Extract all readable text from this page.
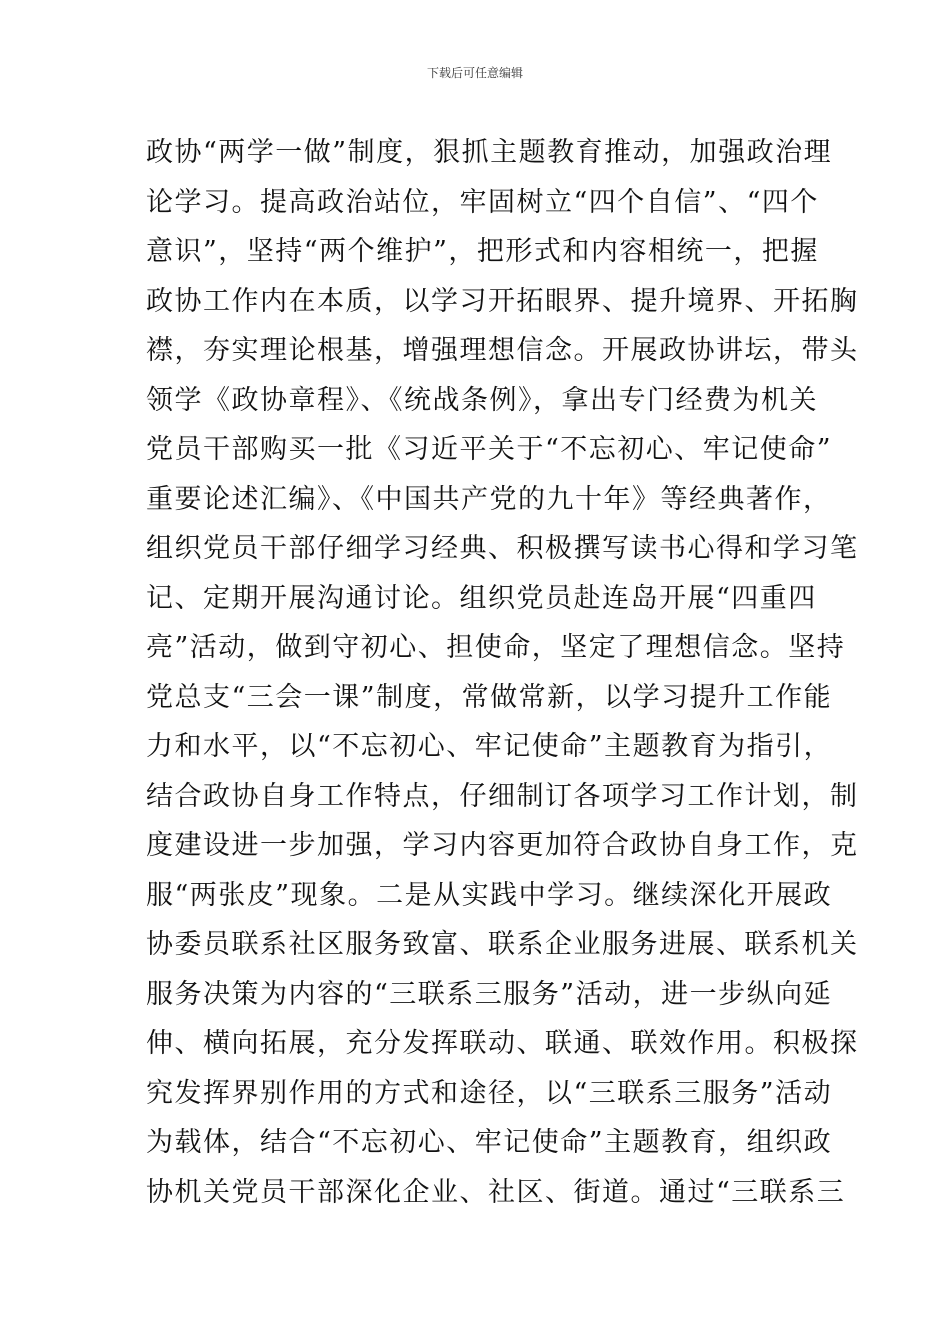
下载后可任意编辑
政协“两学一做”制度，狠抓主题教育推动，加强政治理
论学习。提高政治站位，牢固树立“四个自信”、“四个
意识”，坚持“两个维护”，把形式和内容相统一，把握
政协工作内在本质，以学习开拓眼界、提升境界、开拓胸
襟，夯实理论根基，增强理想信念。开展政协讲坛，带头
领学《政协章程》、《统战条例》，拿出专门经费为机关
党员干部购买一批《习近平关于“不忘初心、牢记使命”
重要论述汇编》、《中国共产党的九十年》等经典著作，
组织党员干部仔细学习经典、积极撰写读书心得和学习笔
记、定期开展沟通讨论。组织党员赴连岛开展“四重四
亮”活动，做到守初心、担使命，坚定了理想信念。坚持
党总支“三会一课”制度，常做常新，以学习提升工作能
力和水平，以“不忘初心、牢记使命”主题教育为指引，
结合政协自身工作特点，仔细制订各项学习工作计划，制
度建设进一步加强，学习内容更加符合政协自身工作，克
服“两张皮”现象。二是从实践中学习。继续深化开展政
协委员联系社区服务致富、联系企业服务进展、联系机关
服务决策为内容的“三联系三服务”活动，进一步纵向延
伸、横向拓展，充分发挥联动、联通、联效作用。积极探
究发挥界别作用的方式和途径，以“三联系三服务”活动
为载体，结合“不忘初心、牢记使命”主题教育，组织政
协机关党员干部深化企业、社区、街道。通过“三联系三
